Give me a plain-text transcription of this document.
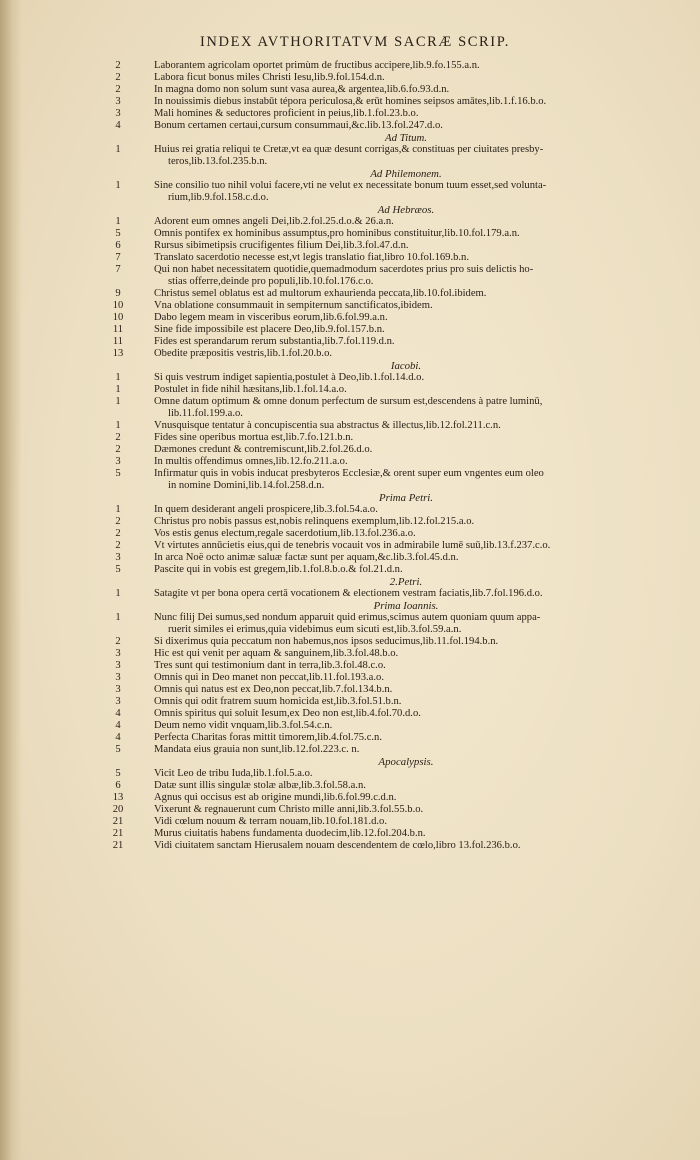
INDEX AVTHORITATVM SACRÆ SCRIP.
2	Laborantem agricolam oportet primùm de fructibus accipere,lib.9.fo.155.a.n.
2	Labora ficut bonus miles Christi Iesu,lib.9.fol.154.d.n.
2	In magna domo non solum sunt vasa aurea,& argentea,lib.6.fo.93.d.n.
3	In nouissimis diebus instabūt tépora periculosa,& erūt homines seipsos amātes,lib.1.f.16.b.o.
3	Mali homines & seductores proficient in peius,lib.1.fol.23.b.o.
4	Bonum certamen certaui,cursum consummaui,&c.lib.13.fol.247.d.o.
Ad Titum.
1	Huius rei gratia reliqui te Cretæ,vt ea quæ desunt corrigas,& constituas per ciuitates presby-
teros,lib.13.fol.235.b.n.
Ad Philemonem.
1	Sine consilio tuo nihil volui facere,vti ne velut ex necessitate bonum tuum esset,sed volunta-
rium,lib.9.fol.158.c.d.o.
Ad Hebræos.
1	Adorent eum omnes angeli Dei,lib.2.fol.25.d.o.& 26.a.n.
5	Omnis pontifex ex hominibus assumptus,pro hominibus constituitur,lib.10.fol.179.a.n.
6	Rursus sibimetipsis crucifigentes filium Dei,lib.3.fol.47.d.n.
7	Translato sacerdotio necesse est,vt legis translatio fiat,libro 10.fol.169.b.n.
7	Qui non habet necessitatem quotidie,quemadmodum sacerdotes prius pro suis delictis ho-
stias offerre,deinde pro populi,lib.10.fol.176.c.o.
9	Christus semel oblatus est ad multorum exhaurienda peccata,lib.10.fol.ibidem.
10	Vna oblatione consummauit in sempiternum sanctificatos,ibidem.
10	Dabo legem meam in visceribus eorum,lib.6.fol.99.a.n.
11	Sine fide impossibile est placere Deo,lib.9.fol.157.b.n.
11	Fides est sperandarum rerum substantia,lib.7.fol.119.d.n.
13	Obedite præpositis vestris,lib.1.fol.20.b.o.
Iacobi.
1	Si quis vestrum indiget sapientia,postulet à Deo,lib.1.fol.14.d.o.
1	Postulet in fide nihil hæsitans,lib.1.fol.14.a.o.
1	Omne datum optimum & omne donum perfectum de sursum est,descendens à patre luminū,
lib.11.fol.199.a.o.
1	Vnusquisque tentatur à concupiscentia sua abstractus & illectus,lib.12.fol.211.c.n.
2	Fides sine operibus mortua est,lib.7.fo.121.b.n.
2	Dæmones credunt & contremiscunt,lib.2.fol.26.d.o.
3	In multis offendimus omnes,lib.12.fo.211.a.o.
5	Infirmatur quis in vobis inducat presbyteros Ecclesiæ,& orent super eum vngentes eum oleo
in nomine Domini,lib.14.fol.258.d.n.
Prima Petri.
1	In quem desiderant angeli prospicere,lib.3.fol.54.a.o.
2	Christus pro nobis passus est,nobis relinquens exemplum,lib.12.fol.215.a.o.
2	Vos estis genus electum,regale sacerdotium,lib.13.fol.236.a.o.
2	Vt virtutes annūcietis eius,qui de tenebris vocauit vos in admirabile lumē suū,lib.13.f.237.c.o.
3	In arca Noë octo animæ saluæ factæ sunt per aquam,&c.lib.3.fol.45.d.n.
5	Pascite qui in vobis est gregem,lib.1.fol.8.b.o.& fol.21.d.n.
2.Petri.
1	Satagite vt per bona opera certā vocationem & electionem vestram faciatis,lib.7.fol.196.d.o.
Prima Ioannis.
1	Nunc filij Dei sumus,sed nondum apparuit quid erimus,scimus autem quoniam quum appa-
ruerit similes ei erimus,quia videbimus eum sicuti est,lib.3.fol.59.a.n.
2	Si dixerimus quia peccatum non habemus,nos ipsos seducimus,lib.11.fol.194.b.n.
3	Hic est qui venit per aquam & sanguinem,lib.3.fol.48.b.o.
3	Tres sunt qui testimonium dant in terra,lib.3.fol.48.c.o.
3	Omnis qui in Deo manet non peccat,lib.11.fol.193.a.o.
3	Omnis qui natus est ex Deo,non peccat,lib.7.fol.134.b.n.
3	Omnis qui odit fratrem suum homicida est,lib.3.fol.51.b.n.
4	Omnis spiritus qui soluit Iesum,ex Deo non est,lib.4.fol.70.d.o.
4	Deum nemo vidit vnquam,lib.3.fol.54.c.n.
4	Perfecta Charitas foras mittit timorem,lib.4.fol.75.c.n.
5	Mandata eius grauia non sunt,lib.12.fol.223.c. n.
Apocalypsis.
5	Vicit Leo de tribu Iuda,lib.1.fol.5.a.o.
6	Datæ sunt illis singulæ stolæ albæ,lib.3.fol.58.a.n.
13	Agnus qui occisus est ab origine mundi,lib.6.fol.99.c.d.n.
20	Vixerunt & regnauerunt cum Christo mille anni,lib.3.fol.55.b.o.
21	Vidi cœlum nouum & terram nouam,lib.10.fol.181.d.o.
21	Murus ciuitatis habens fundamenta duodecim,lib.12.fol.204.b.n.
21	Vidi ciuitatem sanctam Hierusalem nouam descendentem de cœlo,libro 13.fol.236.b.o.
